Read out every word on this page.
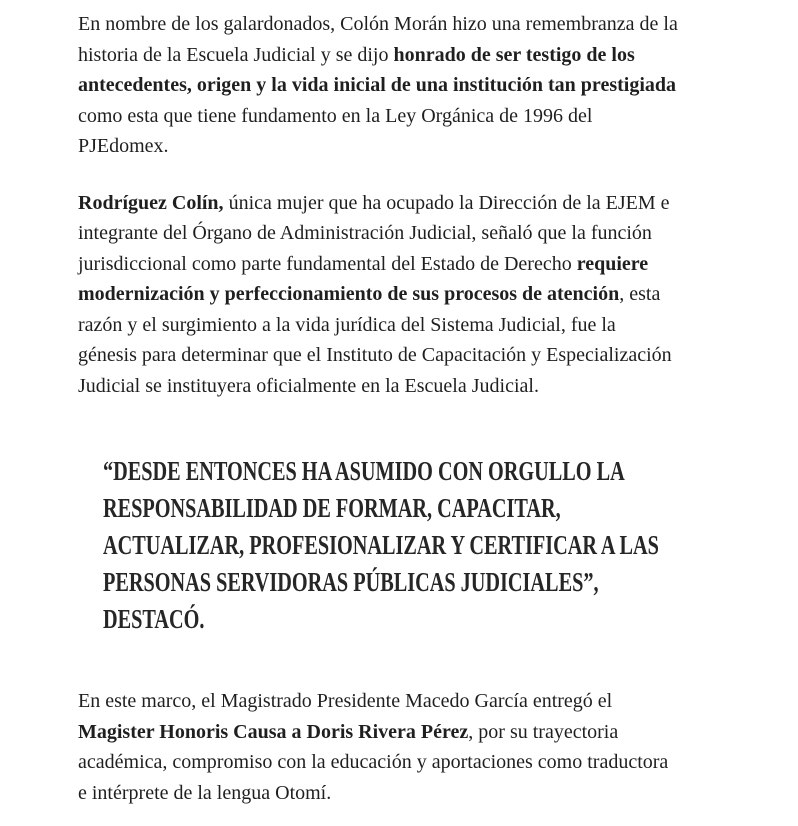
En nombre de los galardonados, Colón Morán hizo una remembranza de la
historia de la Escuela Judicial y se dijo honrado de ser testigo de los
antecedentes, origen y la vida inicial de una institución tan prestigiada
como esta que tiene fundamento en la Ley Orgánica de 1996 del
PJEdomex.

Rodríguez Colín, única mujer que ha ocupado la Dirección de la EJEM e
integrante del Órgano de Administración Judicial, señaló que la función
jurisdiccional como parte fundamental del Estado de Derecho requiere
modernización y perfeccionamiento de sus procesos de atención, esta
razón y el surgimiento a la vida jurídica del Sistema Judicial, fue la
génesis para determinar que el Instituto de Capacitación y Especialización
Judicial se instituyera oficialmente en la Escuela Judicial.

“DESDE ENTONCES HA ASUMIDO CON ORGULLO LA
RESPONSABILIDAD DE FORMAR, CAPACITAR,
ACTUALIZAR, PROFESIONALIZAR Y CERTIFICAR A LAS
PERSONAS SERVIDORAS PÚBLICAS JUDICIALES”,
DESTACÓ.

En este marco, el Magistrado Presidente Macedo García entregó el
Magister Honoris Causa a Doris Rivera Pérez, por su trayectoria
académica, compromiso con la educación y aportaciones como traductora
e intérprete de la lengua Otomí.
